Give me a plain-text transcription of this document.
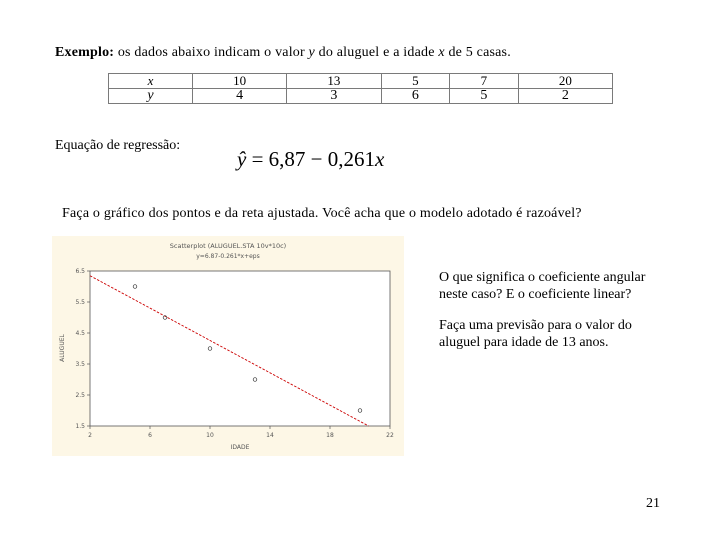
Exemplo: os dados abaixo indicam o valor y do aluguel e a idade x de 5 casas.
x	10	13	5	7	20
y	4	3	6	5	2
Equação de regressão:
ŷ = 6,87 − 0,261x
Faça o gráfico dos pontos e da reta ajustada. Você acha que o modelo adotado é razoável?
Scatterplot (ALUGUEL.STA 10v*10c)
y=6.87-0.261*x+eps
IDADE
ALUGUEL
2	6	10	14	18	22
6.5
5.5
4.5
3.5
2.5
1.5

O que significa o coeficiente angular neste caso? E o coeficiente linear?

Faça uma previsão para o valor do aluguel para idade de 13 anos.

21
